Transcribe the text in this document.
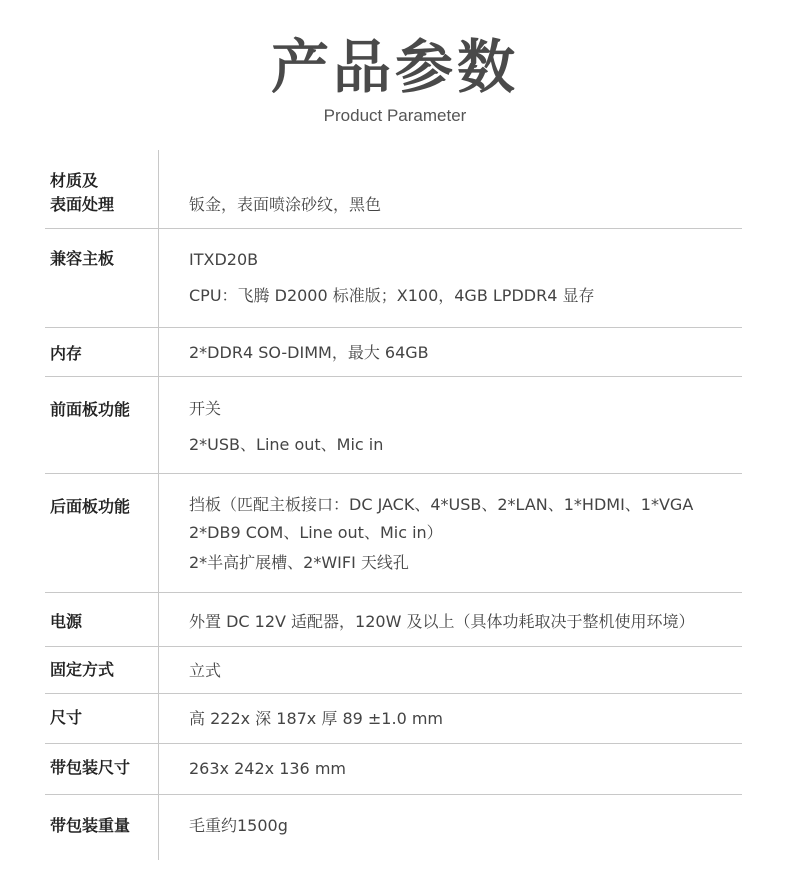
产品参数
Product Parameter
材质及
表面处理	钣金，表面喷涂砂纹，黑色
兼容主板	ITXD20B
CPU：飞腾 D2000 标准版；X100，4GB LPDDR4 显存
内存	2*DDR4 SO-DIMM，最大 64GB
前面板功能	开关
2*USB、Line out、Mic in
后面板功能	挡板（匹配主板接口：DC JACK、4*USB、2*LAN、1*HDMI、1*VGA
2*DB9 COM、Line out、Mic in）
2*半高扩展槽、2*WIFI 天线孔
电源	外置 DC 12V 适配器，120W 及以上（具体功耗取决于整机使用环境）
固定方式	立式
尺寸	高 222x 深 187x 厚 89 ±1.0 mm
带包装尺寸	263x 242x 136 mm
带包装重量	毛重约1500g
